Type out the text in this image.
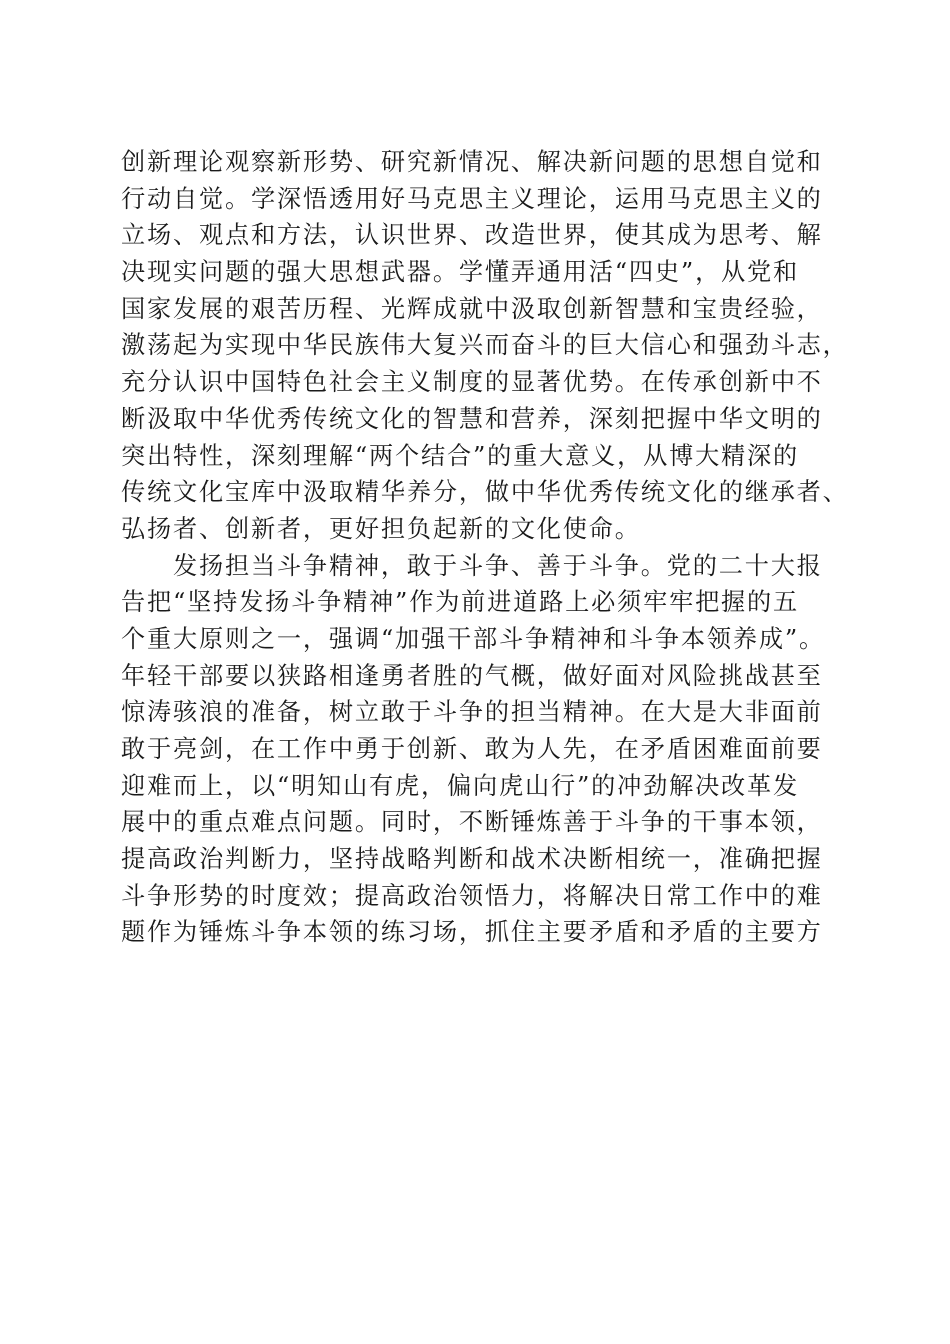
创新理论观察新形势、研究新情况、解决新问题的思想自觉和
行动自觉。学深悟透用好马克思主义理论，运用马克思主义的
立场、观点和方法，认识世界、改造世界，使其成为思考、解
决现实问题的强大思想武器。学懂弄通用活“四史”，从党和
国家发展的艰苦历程、光辉成就中汲取创新智慧和宝贵经验，
激荡起为实现中华民族伟大复兴而奋斗的巨大信心和强劲斗志，
充分认识中国特色社会主义制度的显著优势。在传承创新中不
断汲取中华优秀传统文化的智慧和营养，深刻把握中华文明的
突出特性，深刻理解“两个结合”的重大意义，从博大精深的
传统文化宝库中汲取精华养分，做中华优秀传统文化的继承者、
弘扬者、创新者，更好担负起新的文化使命。
　　发扬担当斗争精神，敢于斗争、善于斗争。党的二十大报
告把“坚持发扬斗争精神”作为前进道路上必须牢牢把握的五
个重大原则之一，强调“加强干部斗争精神和斗争本领养成”。
年轻干部要以狭路相逢勇者胜的气概，做好面对风险挑战甚至
惊涛骇浪的准备，树立敢于斗争的担当精神。在大是大非面前
敢于亮剑，在工作中勇于创新、敢为人先，在矛盾困难面前要
迎难而上，以“明知山有虎，偏向虎山行”的冲劲解决改革发
展中的重点难点问题。同时，不断锤炼善于斗争的干事本领，
提高政治判断力，坚持战略判断和战术决断相统一，准确把握
斗争形势的时度效；提高政治领悟力，将解决日常工作中的难
题作为锤炼斗争本领的练习场，抓住主要矛盾和矛盾的主要方
